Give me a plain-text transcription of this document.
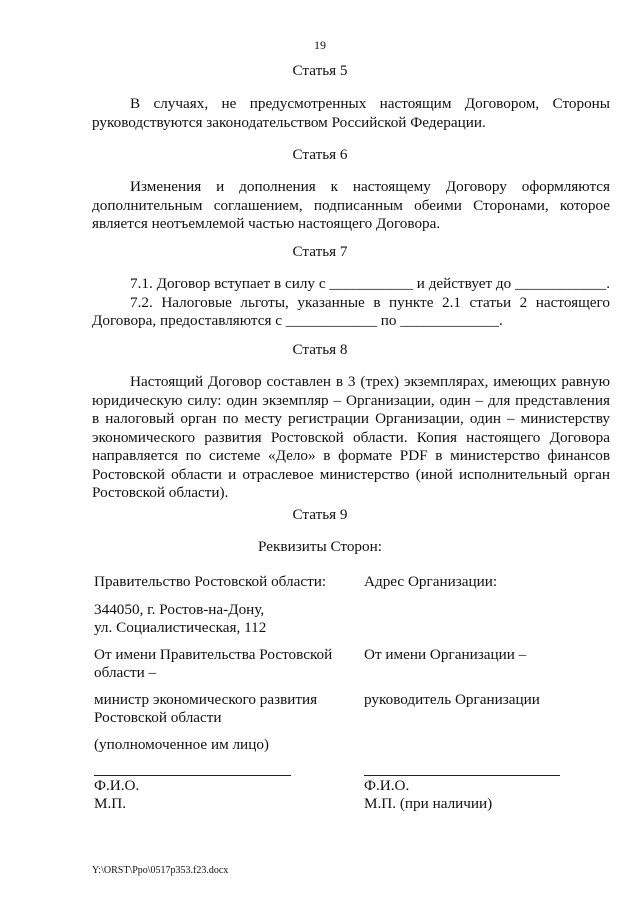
19
Статья 5
В случаях, не предусмотренных настоящим Договором, Стороны
руководствуются законодательством Российской Федерации.
Статья 6
Изменения и дополнения к настоящему Договору оформляются
дополнительным соглашением, подписанным обеими Сторонами, которое
является неотъемлемой частью настоящего Договора.
Статья 7
7.1. Договор вступает в силу с ___________ и действует до ____________.
7.2. Налоговые льготы, указанные в пункте 2.1 статьи 2 настоящего
Договора, предоставляются с ____________ по _____________.
Статья 8
Настоящий Договор составлен в 3 (трех) экземплярах, имеющих равную
юридическую силу: один экземпляр – Организации, один – для представления
в налоговый орган по месту регистрации Организации, один – министерству
экономического развития Ростовской области. Копия настоящего Договора
направляется по системе «Дело» в формате PDF в министерство финансов
Ростовской области и отраслевое министерство (иной исполнительный орган
Ростовской области).
Статья 9
Реквизиты Сторон:
Правительство Ростовской области:
344050, г. Ростов-на-Дону,
ул. Социалистическая, 112
От имени Правительства Ростовской
области –
министр экономического развития
Ростовской области
(уполномоченное им лицо)
Ф.И.О.
М.П.
Адрес Организации:
От имени Организации –
руководитель Организации
Ф.И.О.
М.П. (при наличии)
Y:\ORST\Ppo\0517p353.f23.docx
